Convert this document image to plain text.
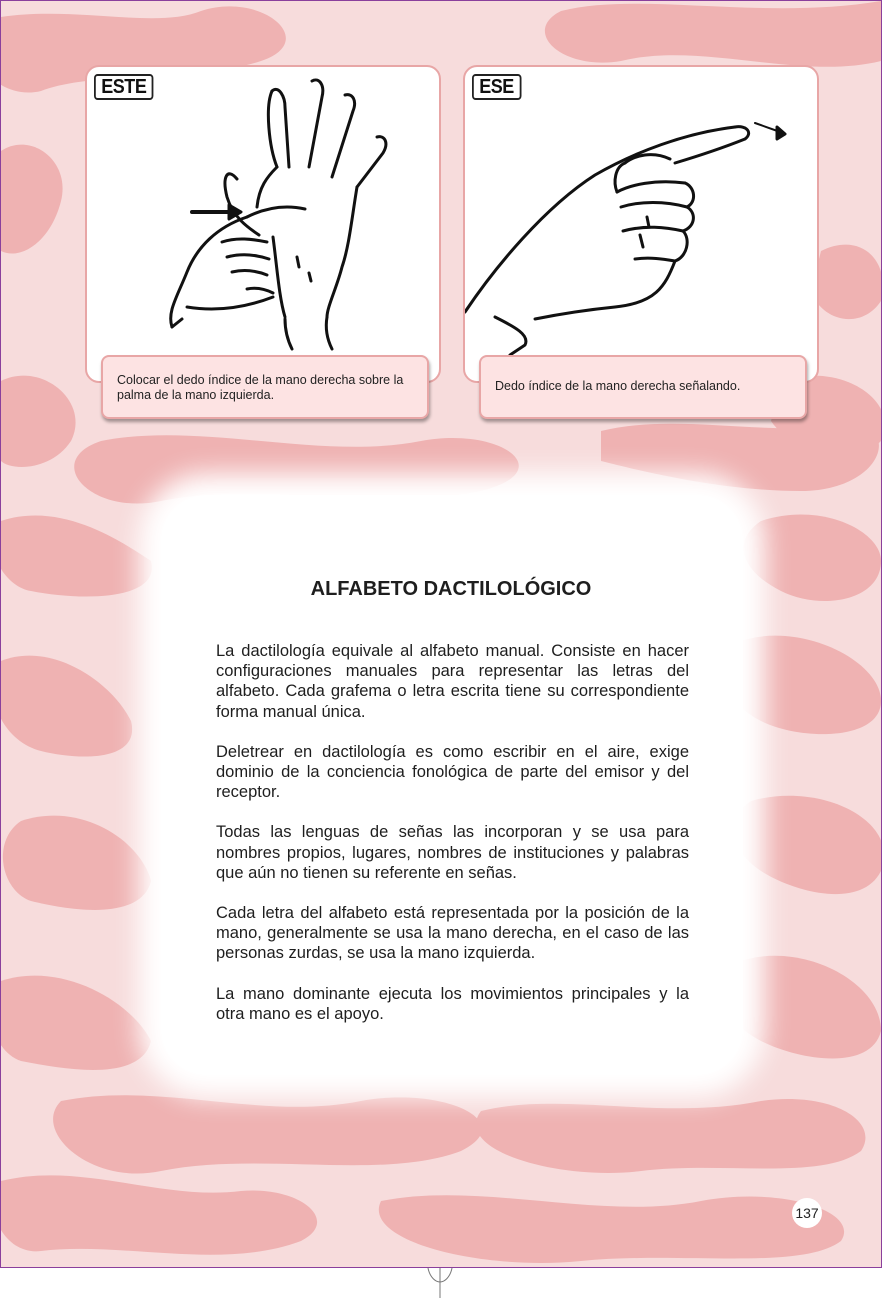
ESTE
Colocar el dedo índice de la mano derecha sobre la palma de la mano izquierda.
ESE
Dedo índice de la mano derecha señalando.
ALFABETO DACTILOLÓGICO

La dactilología equivale al alfabeto manual. Consiste en hacer configuraciones manuales para representar las letras del alfabeto. Cada grafema o letra escrita tiene su correspondiente forma manual única.

Deletrear en dactilología es como escribir en el aire, exige dominio de la conciencia fonológica de parte del emisor y del receptor.

Todas las lenguas de señas las incorporan y se usa para nombres propios, lugares, nombres de instituciones y palabras que aún no tienen su referente en señas.

Cada letra del alfabeto está representada por la posición de la mano, generalmente se usa la mano derecha, en el caso de las personas zurdas, se usa la mano izquierda.

La mano dominante ejecuta los movimientos principales y la otra mano es el apoyo.

137
